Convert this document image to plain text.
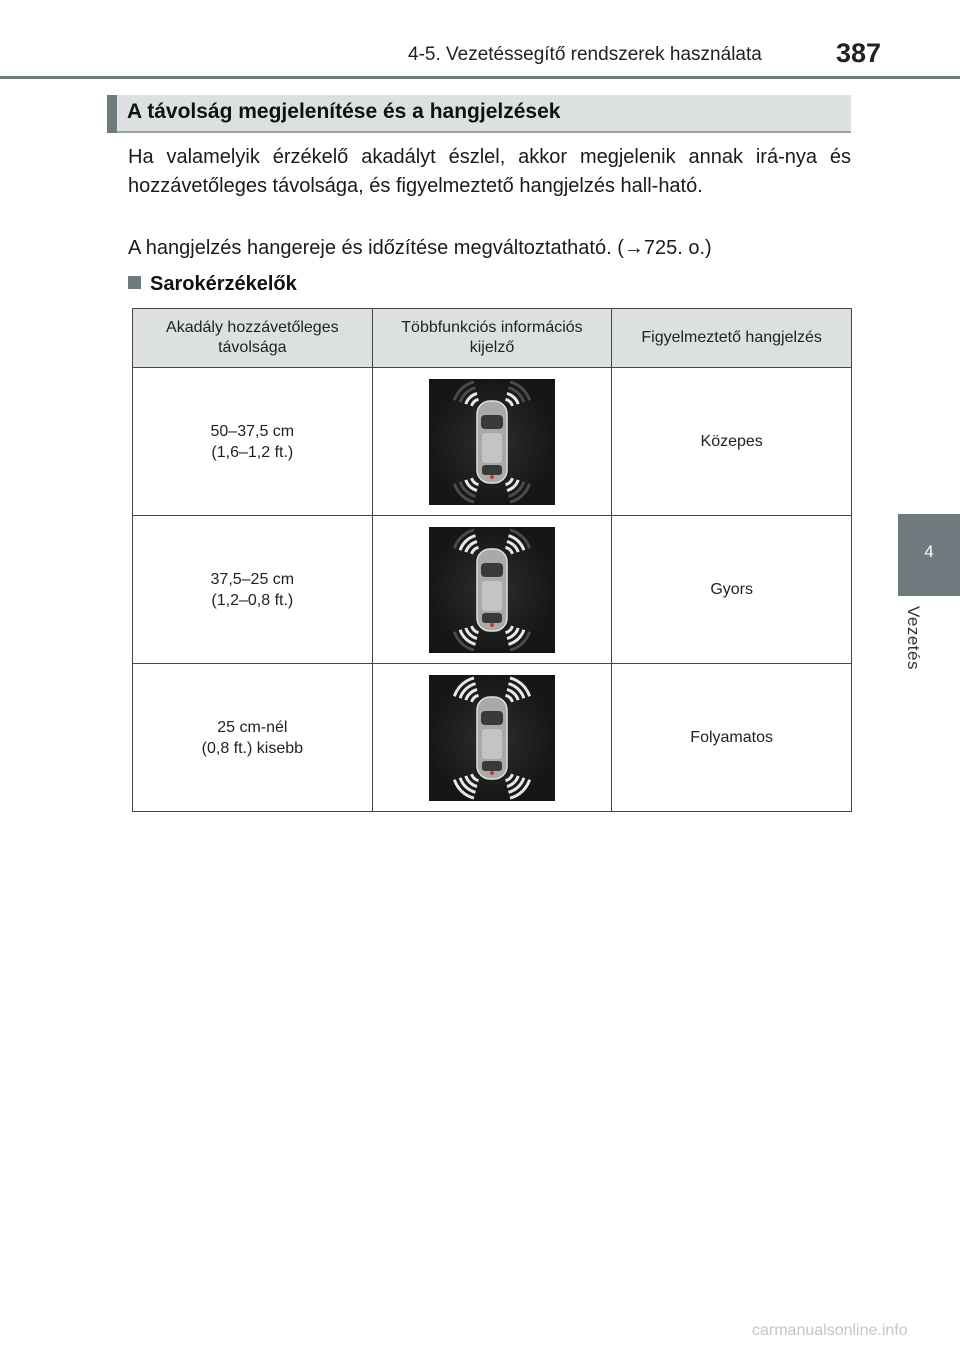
4-5. Vezetéssegítő rendszerek használata	387
4
Vezetés
A távolság megjelenítése és a hangjelzések
Ha valamelyik érzékelő akadályt észlel, akkor megjelenik annak irá-nya és hozzávetőleges távolsága, és figyelmeztető hangjelzés hall-ható.
A hangjelzés hangereje és időzítése megváltoztatható. (→725. o.)
Sarokérzékelők
Akadály hozzávetőleges távolsága	Többfunkciós információs kijelző	Figyelmeztető hangjelzés

50–37,5 cm
(1,6–1,2 ft.)		Közepes

37,5–25 cm
(1,2–0,8 ft.)		Gyors

25 cm-nél
(0,8 ft.) kisebb		Folyamatos
carmanualsonline.info
